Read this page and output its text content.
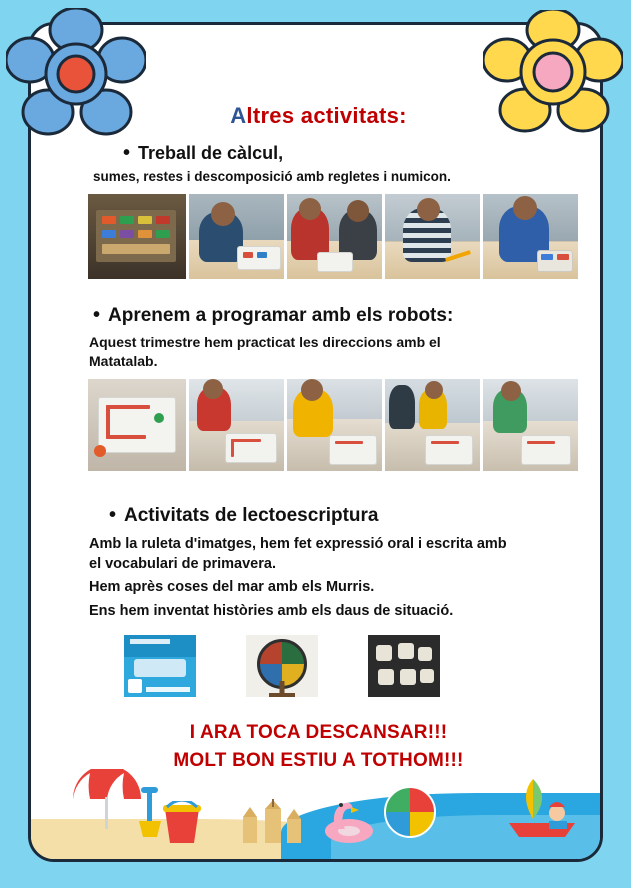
Altres activitats:
• Treball de càlcul,
sumes, restes i descomposició amb regletes i numicon.
• Aprenem a programar amb els robots:
Aquest trimestre hem practicat les direccions amb el
Matatalab.
• Activitats de lectoescriptura
Amb la ruleta d'imatges, hem fet expressió oral i escrita amb
el vocabulari de primavera.
Hem après coses del mar amb els Murris.
Ens hem inventat històries amb els daus de situació.
I ARA TOCA DESCANSAR!!!
MOLT BON ESTIU A TOTHOM!!!
